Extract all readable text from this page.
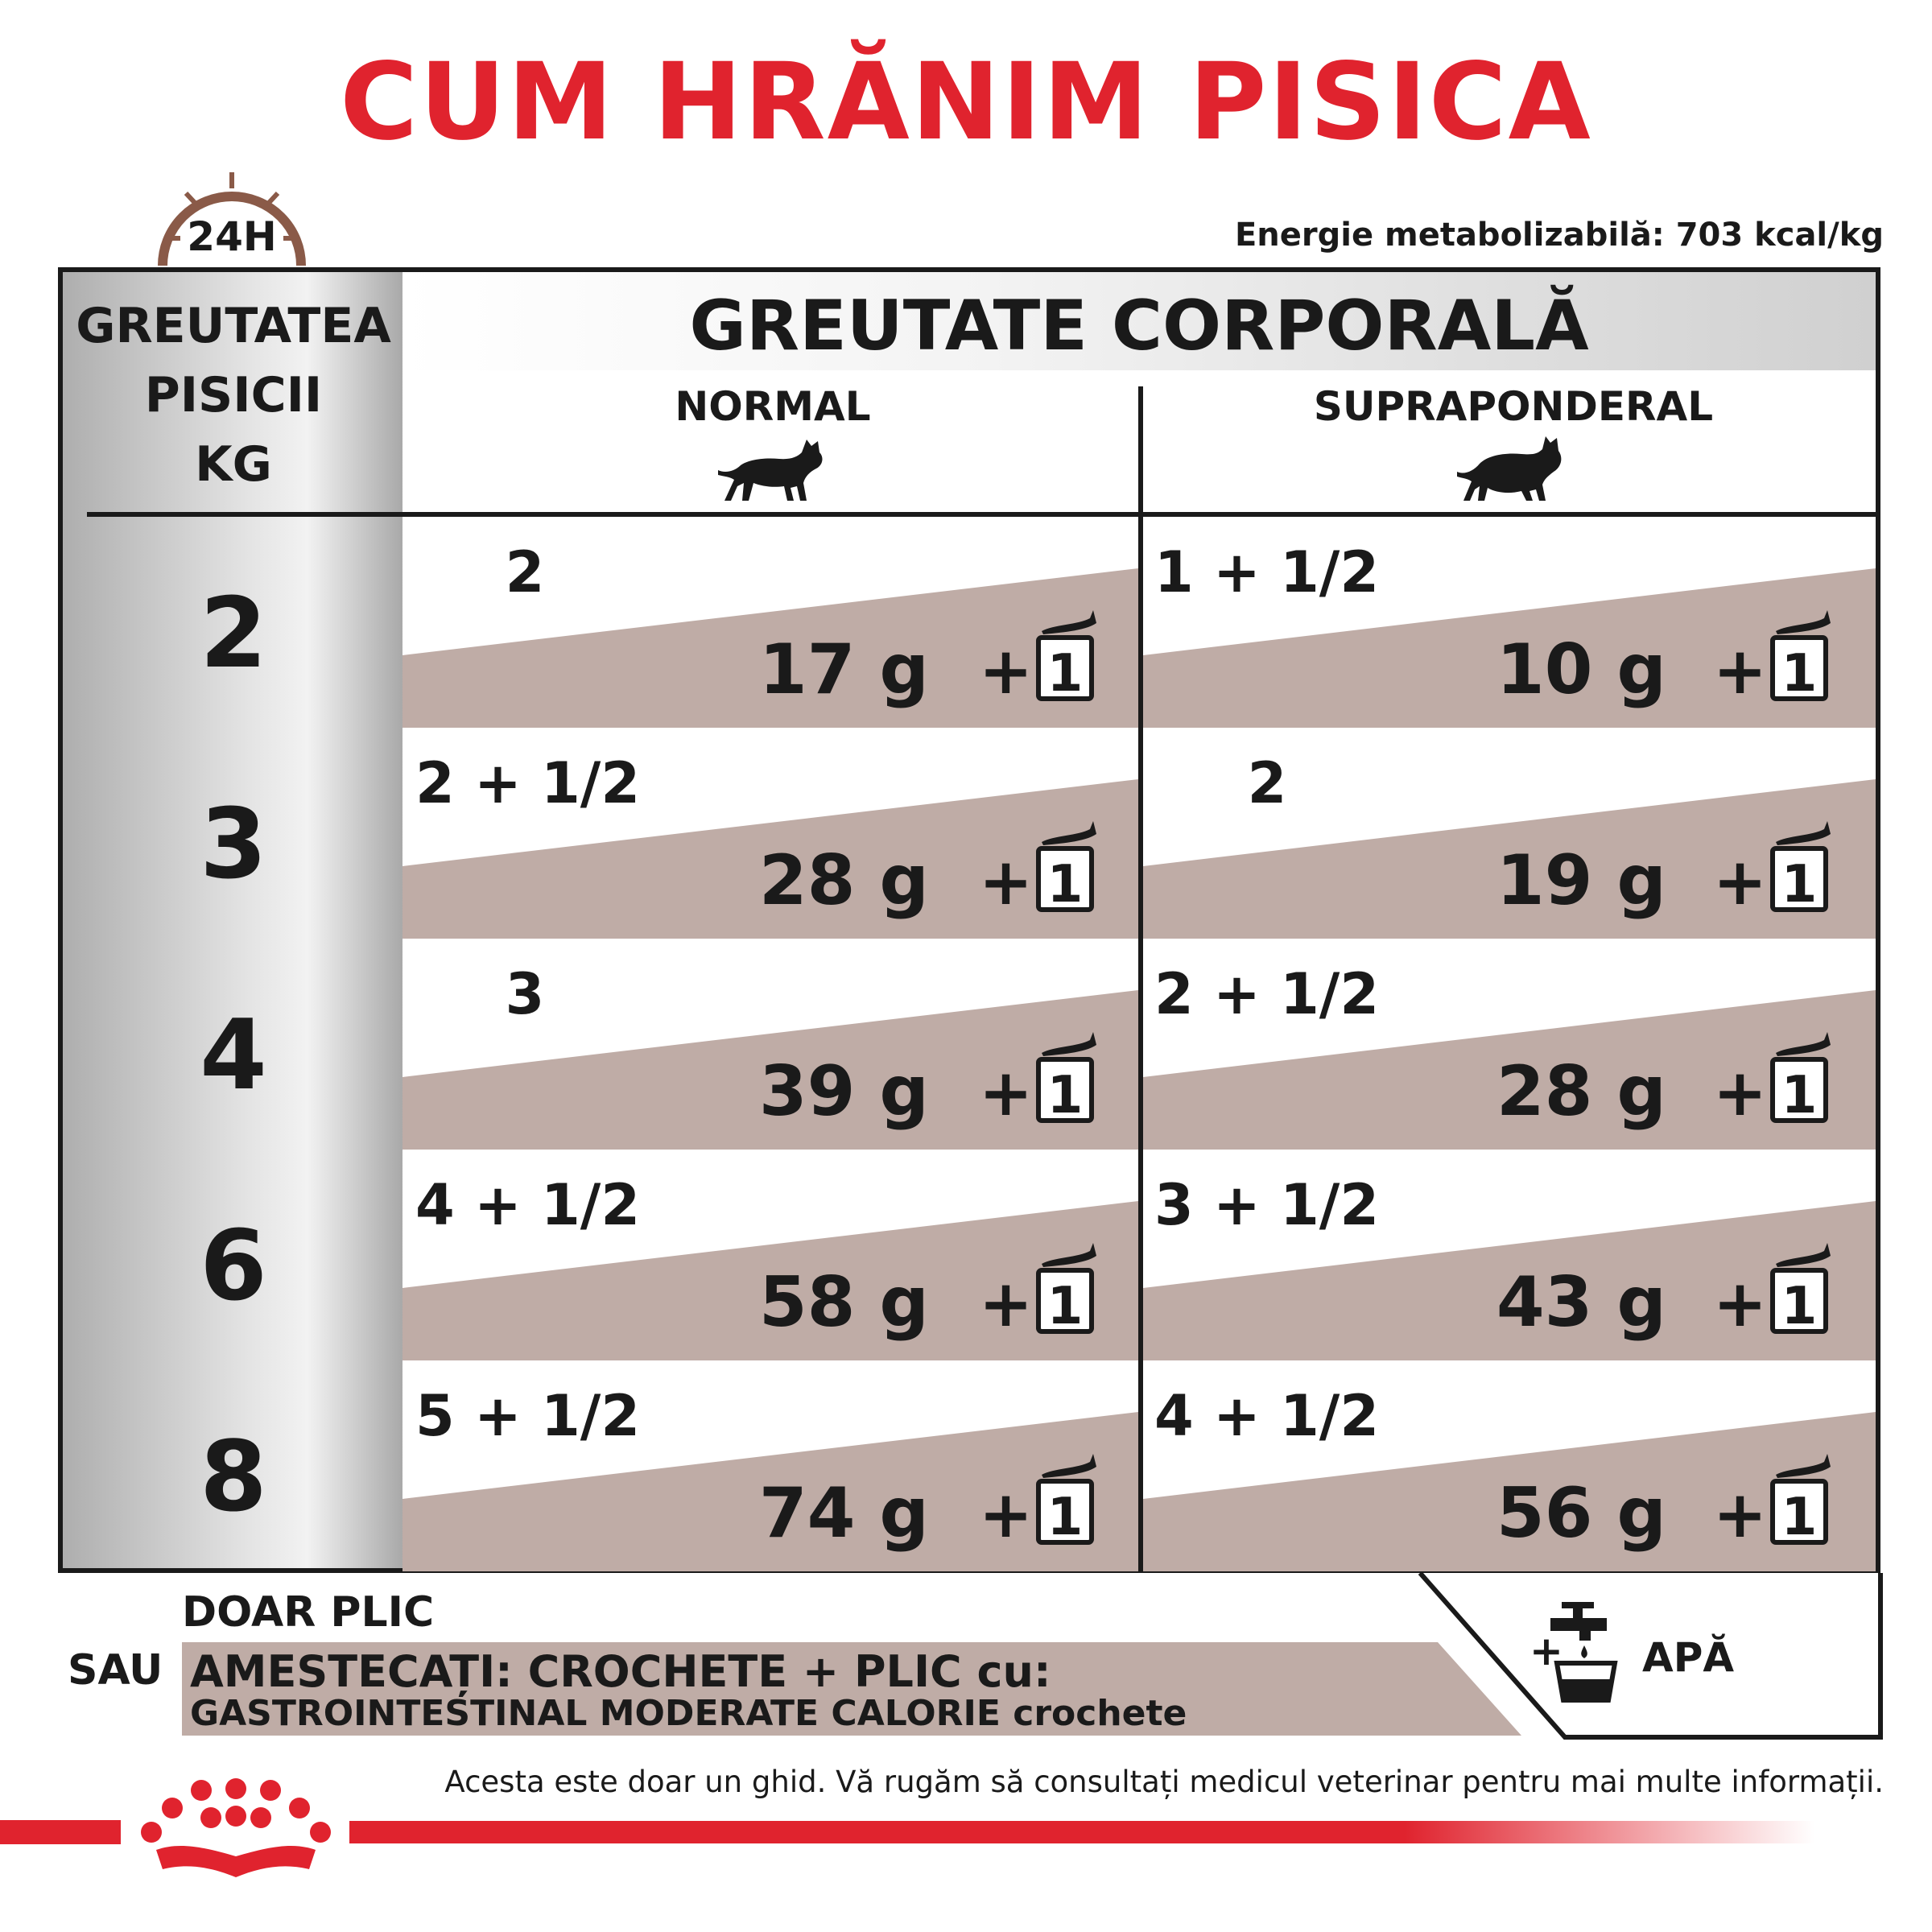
CUM HRĂNIM PISICA
24H	Energie metabolizabilă: 703 kcal/kg
GREUTATEA
PISICII
KG
GREUTATE CORPORALĂ
NORMAL	SUPRAPONDERAL
2
2
17 g + 1
1 + 1/2
10 g + 1
3
2 + 1/2
28 g + 1
2
19 g + 1
4
3
39 g + 1
2 + 1/2
28 g + 1
6
4 + 1/2
58 g + 1
3 + 1/2
43 g + 1
8
5 + 1/2
74 g + 1
4 + 1/2
56 g + 1
DOAR PLIC
SAU AMESTECAȚI: CROCHETE + PLIC cu:
GASTROINTESTINAL MODERATE CALORIE crochete
+ APĂ
Acesta este doar un ghid. Vă rugăm să consultați medicul veterinar pentru mai multe informații.
